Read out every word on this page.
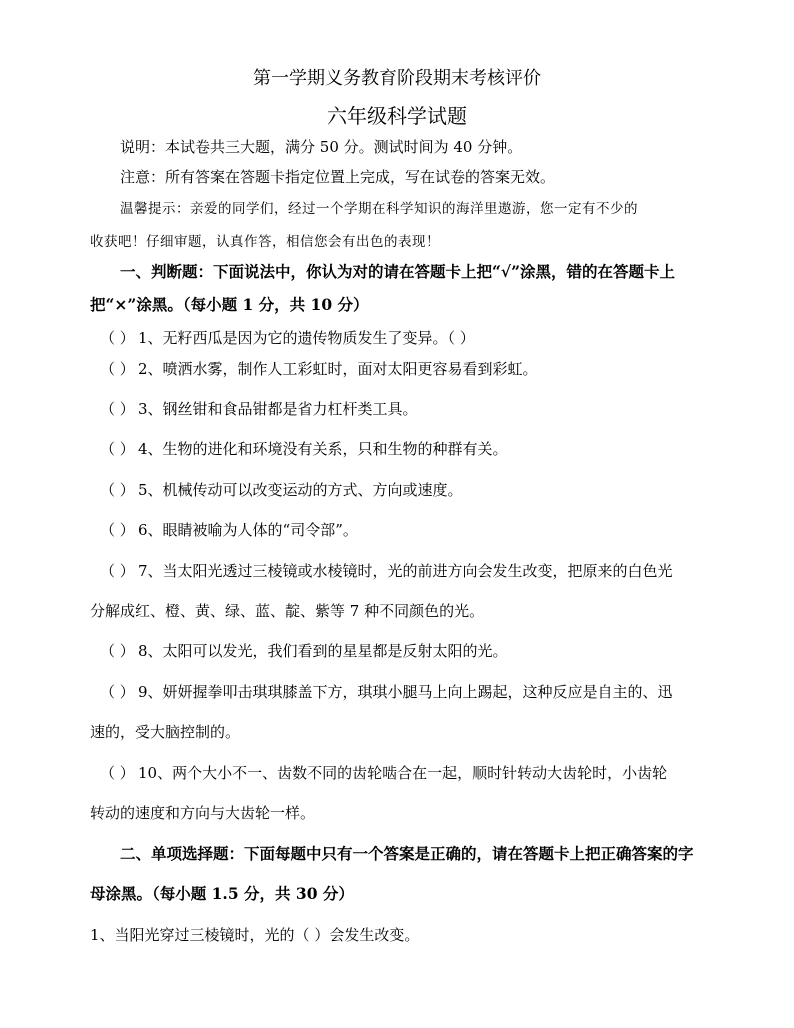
第一学期义务教育阶段期末考核评价
六年级科学试题
说明：本试卷共三大题，满分 50 分。测试时间为 40 分钟。
注意：所有答案在答题卡指定位置上完成，写在试卷的答案无效。
温馨提示：亲爱的同学们，经过一个学期在科学知识的海洋里遨游，您一定有不少的
收获吧！仔细审题，认真作答，相信您会有出色的表现！
一、判断题：下面说法中，你认为对的请在答题卡上把“√”涂黑，错的在答题卡上
把“×”涂黑。（每小题 1 分，共 10 分）
（ ） 1、无籽西瓜是因为它的遗传物质发生了变异。（ ）
（ ） 2、喷洒水雾，制作人工彩虹时，面对太阳更容易看到彩虹。
（ ） 3、钢丝钳和食品钳都是省力杠杆类工具。
（ ） 4、生物的进化和环境没有关系，只和生物的种群有关。
（ ） 5、机械传动可以改变运动的方式、方向或速度。
（ ） 6、眼睛被喻为人体的“司令部”。
（ ） 7、当太阳光透过三棱镜或水棱镜时，光的前进方向会发生改变，把原来的白色光
分解成红、橙、黄、绿、蓝、靛、紫等 7 种不同颜色的光。
（ ） 8、太阳可以发光，我们看到的星星都是反射太阳的光。
（ ） 9、妍妍握拳叩击琪琪膝盖下方，琪琪小腿马上向上踢起，这种反应是自主的、迅
速的，受大脑控制的。
（ ） 10、两个大小不一、齿数不同的齿轮啮合在一起，顺时针转动大齿轮时，小齿轮
转动的速度和方向与大齿轮一样。
二、单项选择题：下面每题中只有一个答案是正确的，请在答题卡上把正确答案的字
母涂黑。（每小题 1.5 分，共 30 分）
1、当阳光穿过三棱镜时，光的（ ）会发生改变。
